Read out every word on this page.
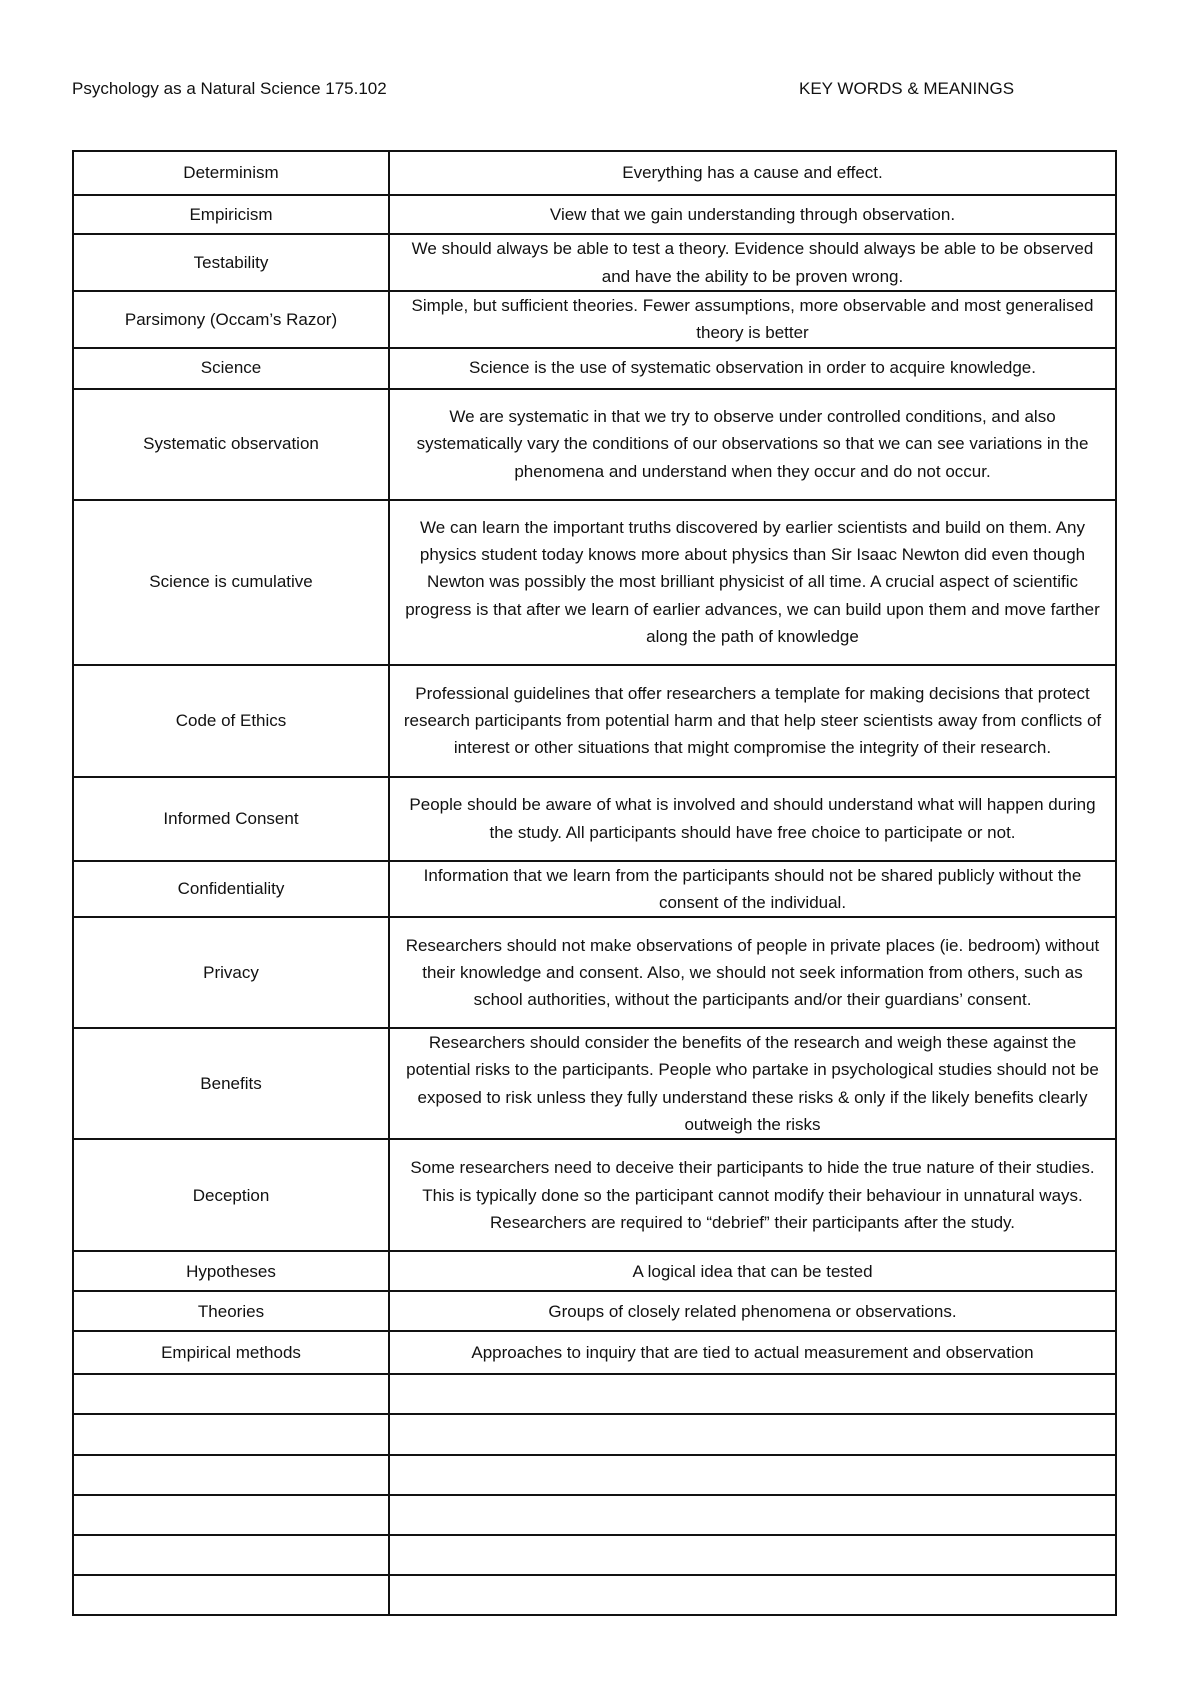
Psychology as a Natural Science 175.102	KEY WORDS & MEANINGS
Determinism	Everything has a cause and effect.
Empiricism	View that we gain understanding through observation.
Testability	We should always be able to test a theory. Evidence should always be able to be observed and have the ability to be proven wrong.
Parsimony (Occam’s Razor)	Simple, but sufficient theories. Fewer assumptions, more observable and most generalised theory is better
Science	Science is the use of systematic observation in order to acquire knowledge.
Systematic observation	We are systematic in that we try to observe under controlled conditions, and also systematically vary the conditions of our observations so that we can see variations in the phenomena and understand when they occur and do not occur.
Science is cumulative	We can learn the important truths discovered by earlier scientists and build on them. Any physics student today knows more about physics than Sir Isaac Newton did even though Newton was possibly the most brilliant physicist of all time. A crucial aspect of scientific progress is that after we learn of earlier advances, we can build upon them and move farther along the path of knowledge
Code of Ethics	Professional guidelines that offer researchers a template for making decisions that protect research participants from potential harm and that help steer scientists away from conflicts of interest or other situations that might compromise the integrity of their research.
Informed Consent	People should be aware of what is involved and should understand what will happen during the study. All participants should have free choice to participate or not.
Confidentiality	Information that we learn from the participants should not be shared publicly without the consent of the individual.
Privacy	Researchers should not make observations of people in private places (ie. bedroom) without their knowledge and consent. Also, we should not seek information from others, such as school authorities, without the participants and/or their guardians’ consent.
Benefits	Researchers should consider the benefits of the research and weigh these against the potential risks to the participants. People who partake in psychological studies should not be exposed to risk unless they fully understand these risks & only if the likely benefits clearly outweigh the risks
Deception	Some researchers need to deceive their participants to hide the true nature of their studies. This is typically done so the participant cannot modify their behaviour in unnatural ways. Researchers are required to “debrief” their participants after the study.
Hypotheses	A logical idea that can be tested
Theories	Groups of closely related phenomena or observations.
Empirical methods	Approaches to inquiry that are tied to actual measurement and observation
